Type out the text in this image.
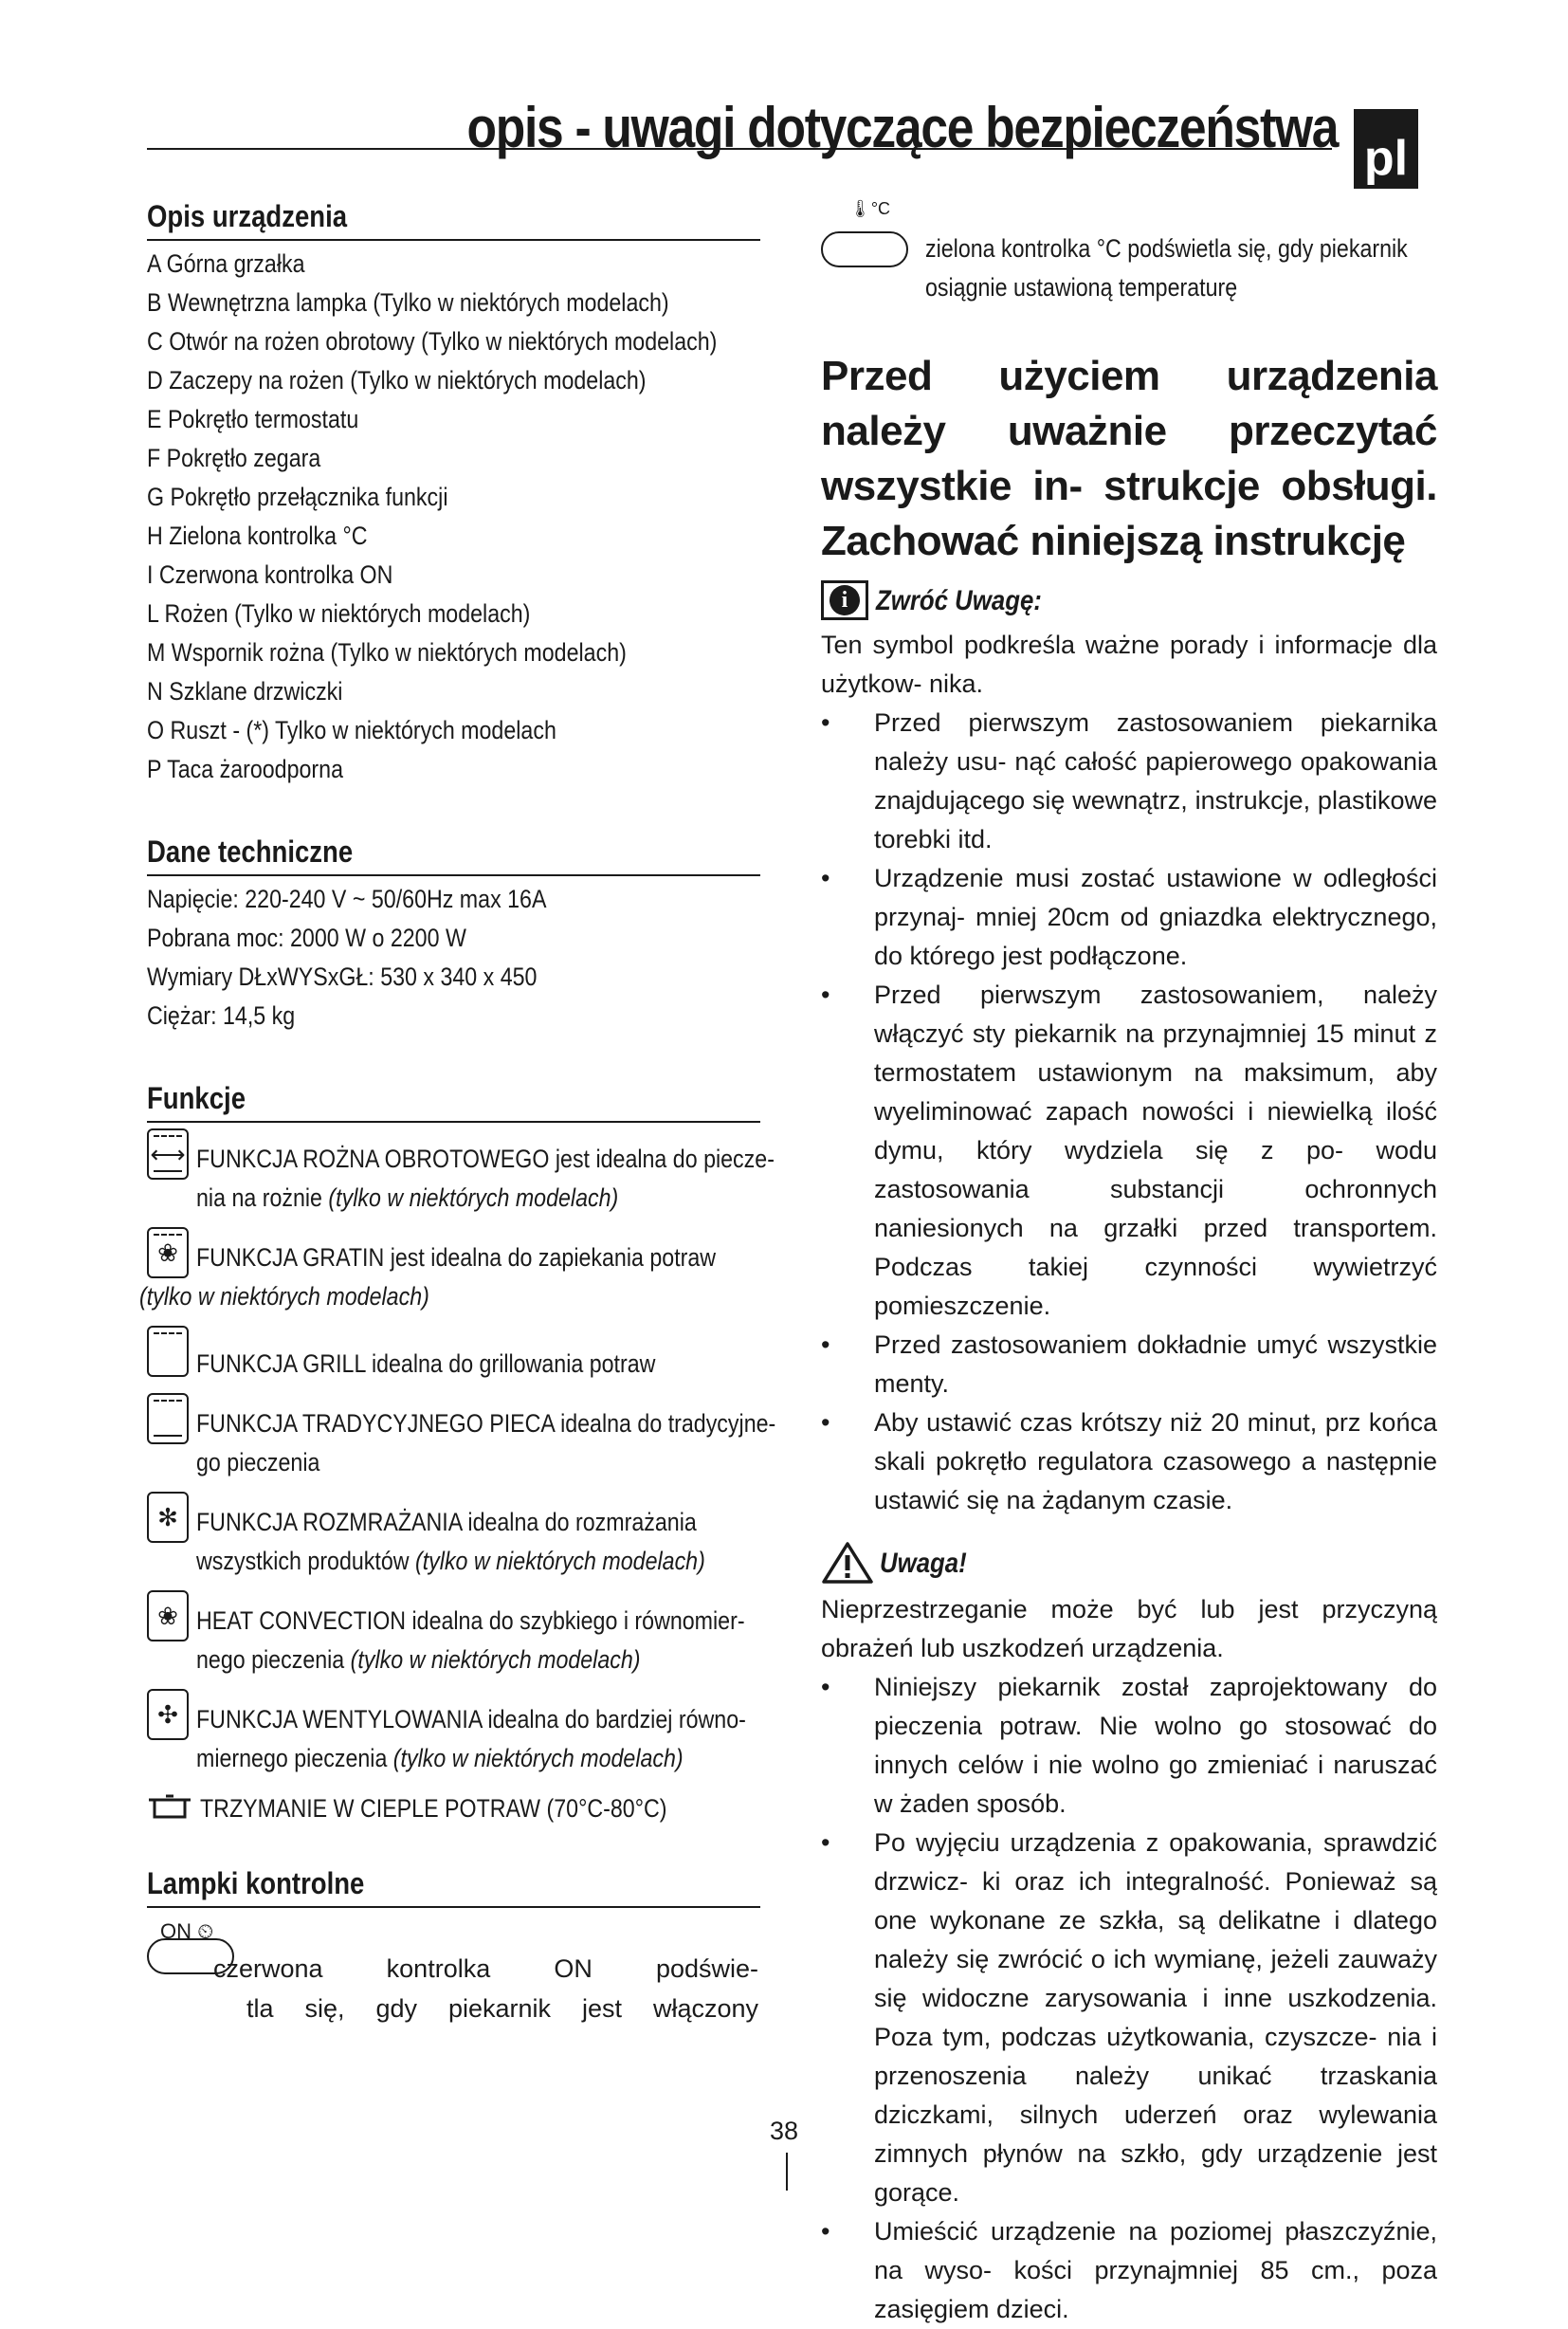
opis - uwagi dotyczące bezpieczeństwa pl
Opis urządzenia
A Górna grzałka
B Wewnętrzna lampka (Tylko w niektórych modelach)
C Otwór na rożen obrotowy (Tylko w niektórych modelach)
D Zaczepy na rożen (Tylko w niektórych modelach)
E Pokrętło termostatu
F Pokrętło zegara
G Pokrętło przełącznika funkcji
H Zielona kontrolka °C
I Czerwona kontrolka ON
L Rożen (Tylko w niektórych modelach)
M Wspornik rożna (Tylko w niektórych modelach)
N Szklane drzwiczki
O Ruszt - (*) Tylko w niektórych modelach
P Taca żaroodporna
Dane techniczne
Napięcie: 220-240 V ~ 50/60Hz max 16A
Pobrana moc: 2000 W o 2200 W
Wymiary DŁxWYSxGŁ: 530 x 340 x 450
Ciężar: 14,5 kg
Funkcje
⟷ FUNKCJA ROŻNA OBROTOWEGO jest idealna do piecze-
nia na rożnie (tylko w niektórych modelach)
❀ FUNKCJA GRATIN jest idealna do zapiekania potraw
(tylko w niektórych modelach)
FUNKCJA GRILL idealna do grillowania potraw
FUNKCJA TRADYCYJNEGO PIECA idealna do tradycyjne-
go pieczenia
✻ FUNKCJA ROZMRAŻANIA idealna do rozmrażania
wszystkich produktów (tylko w niektórych modelach)
❀ HEAT CONVECTION idealna do szybkiego i równomier-
nego pieczenia (tylko w niektórych modelach)
✣ FUNKCJA WENTYLOWANIA idealna do bardziej równo-
miernego pieczenia (tylko w niektórych modelach)
TRZYMANIE W CIEPLE POTRAW (70°C-80°C)
Lampki kontrolne
ON ⏲
czerwona kontrolka ON podświe-
tla się, gdy piekarnik jest włączony
🌡°C
zielona kontrolka °C podświetla się, gdy piekarnik
osiągnie ustawioną temperaturę
Przed użyciem urządzenia należy uważnie przeczytać wszystkie in- strukcje obsługi. Zachować niniejszą instrukcję
i Zwróć Uwagę:
Ten symbol podkreśla ważne porady i informacje dla użytkow- nika.
• Przed pierwszym zastosowaniem piekarnika należy usu- nąć całość papierowego opakowania znajdującego się wewnątrz, instrukcje, plastikowe torebki itd.
• Urządzenie musi zostać ustawione w odległości przynaj- mniej 20cm od gniazdka elektrycznego, do którego jest podłączone.
• Przed pierwszym zastosowaniem, należy włączyć sty piekarnik na przynajmniej 15 minut z termostatem ustawionym na maksimum, aby wyeliminować zapach nowości i niewielką ilość dymu, który wydziela się z po- wodu zastosowania substancji ochronnych naniesionych na grzałki przed transportem. Podczas takiej czynności wywietrzyć pomieszczenie.
• Przed zastosowaniem dokładnie umyć wszystkie menty.
• Aby ustawić czas krótszy niż 20 minut, prz końca skali pokrętło regulatora czasowego a następnie ustawić się na żądanym czasie.
Uwaga!
Nieprzestrzeganie może być lub jest przyczyną obrażeń lub uszkodzeń urządzenia.
• Niniejszy piekarnik został zaprojektowany do pieczenia potraw. Nie wolno go stosować do innych celów i nie wolno go zmieniać i naruszać w żaden sposób.
• Po wyjęciu urządzenia z opakowania, sprawdzić drzwicz- ki oraz ich integralność. Ponieważ są one wykonane ze szkła, są delikatne i dlatego należy się zwrócić o ich wymianę, jeżeli zauważy się widoczne zarysowania i inne uszkodzenia. Poza tym, podczas użytkowania, czyszcze- nia i przenoszenia należy unikać trzaskania dziczkami, silnych uderzeń oraz wylewania zimnych płynów na szkło, gdy urządzenie jest gorące.
• Umieścić urządzenie na poziomej płaszczyźnie, na wyso- kości przynajmniej 85 cm., poza zasięgiem dzieci.
38
